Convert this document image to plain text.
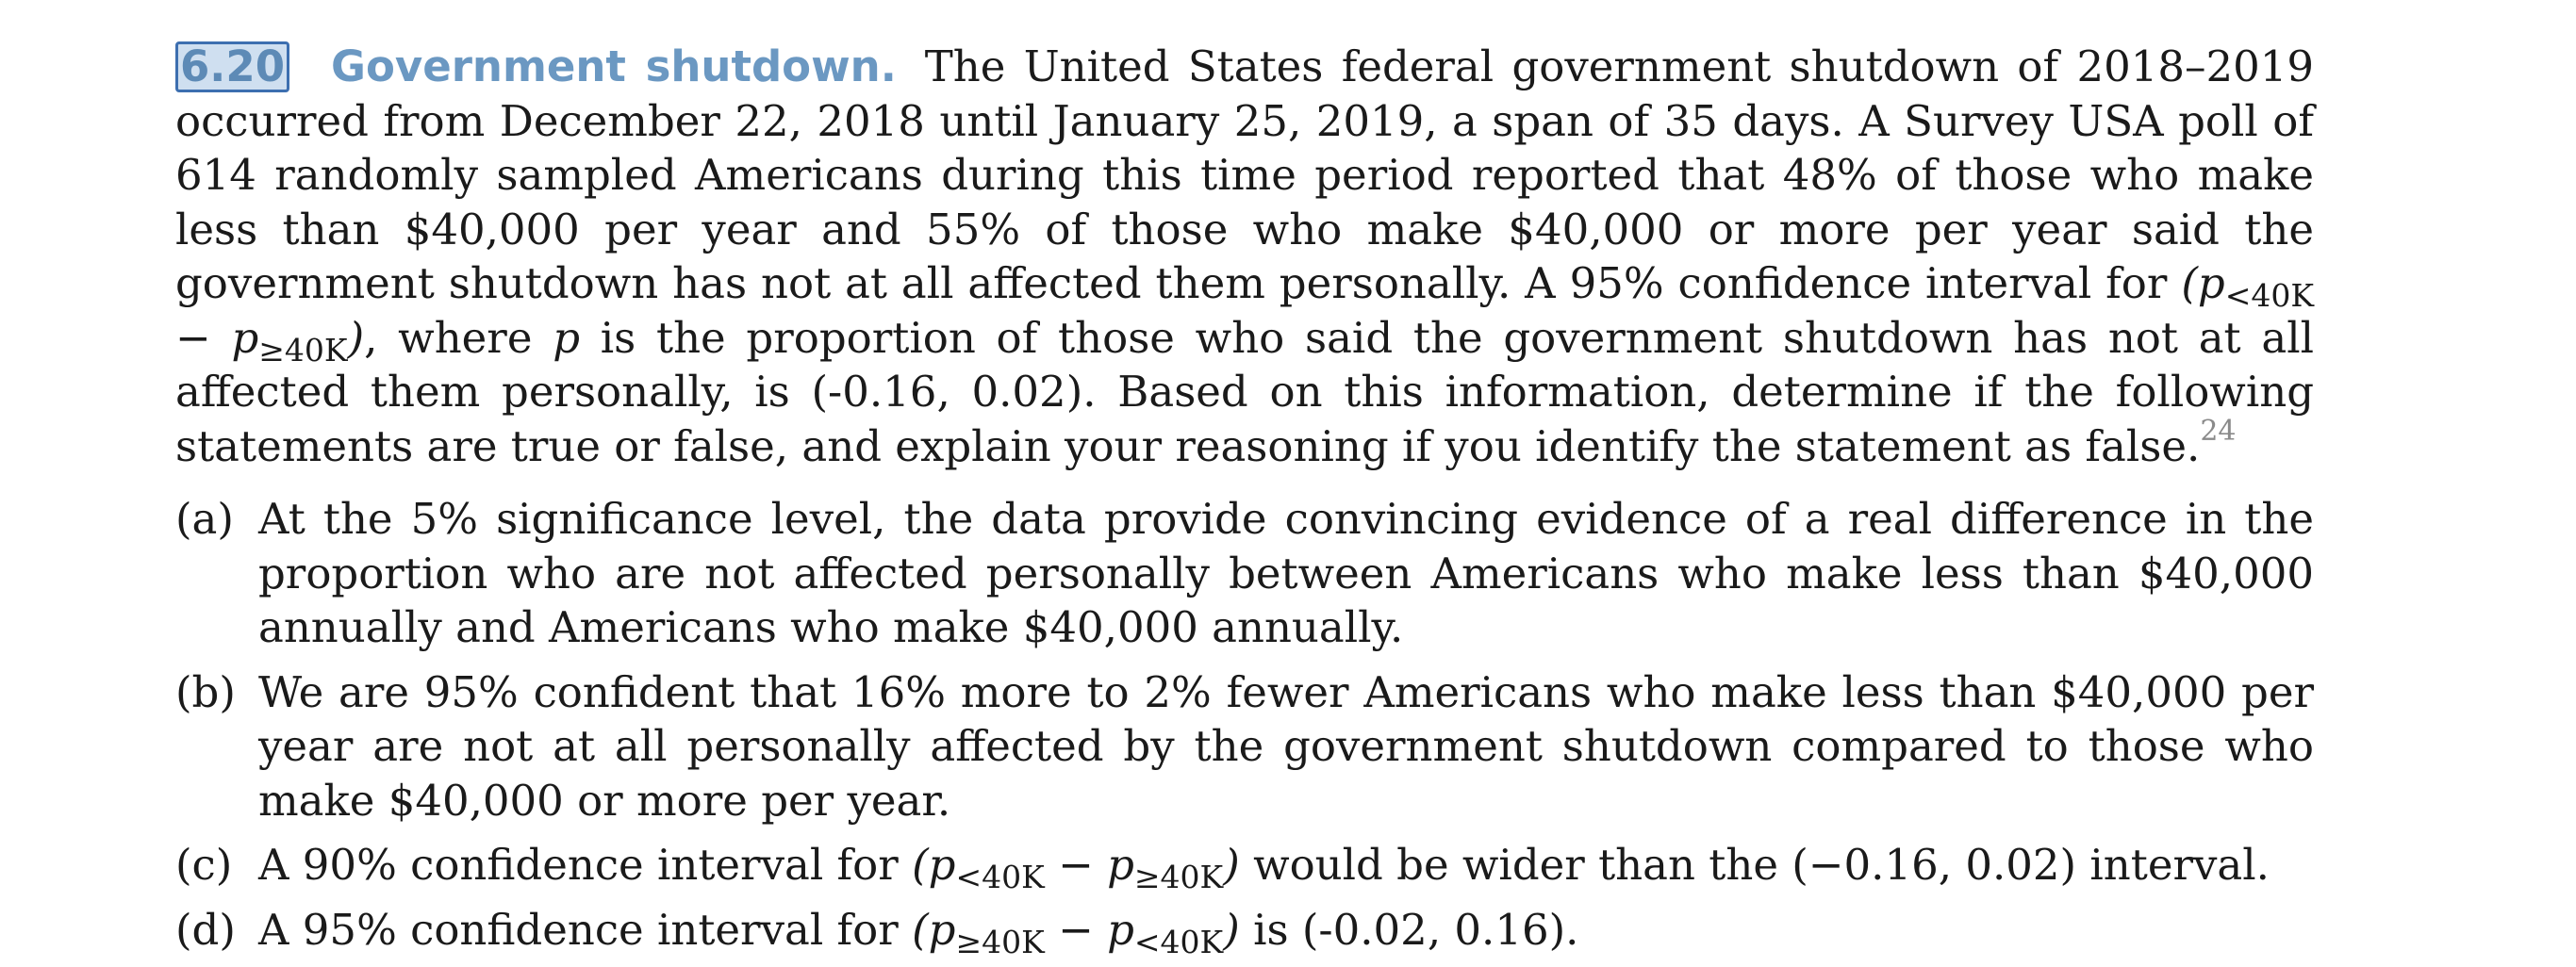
6.20 Government shutdown. The United States federal government shutdown of 2018–2019 occurred from December 22, 2018 until January 25, 2019, a span of 35 days. A Survey USA poll of 614 randomly sampled Americans during this time period reported that 48% of those who make less than $40,000 per year and 55% of those who make $40,000 or more per year said the government shutdown has not at all affected them personally. A 95% confidence interval for $(p_{<40K} - p_{\ge 40K})$, where p is the proportion of those who said the government shutdown has not at all affected them personally, is (-0.16, 0.02). Based on this information, determine if the following statements are true or false, and explain your reasoning if you identify the statement as false.$^{24}$

(a) At the 5% significance level, the data provide convincing evidence of a real difference in the proportion who are not affected personally between Americans who make less than $40,000 annually and Americans who make $40,000 annually.
(b) We are 95% confident that 16% more to 2% fewer Americans who make less than $40,000 per year are not at all personally affected by the government shutdown compared to those who make $40,000 or more per year.
(c) A 90% confidence interval for $(p_{<40K} - p_{\ge 40K})$ would be wider than the (−0.16, 0.02) interval.
(d) A 95% confidence interval for $(p_{\ge 40K} - p_{<40K})$ is (-0.02, 0.16).
